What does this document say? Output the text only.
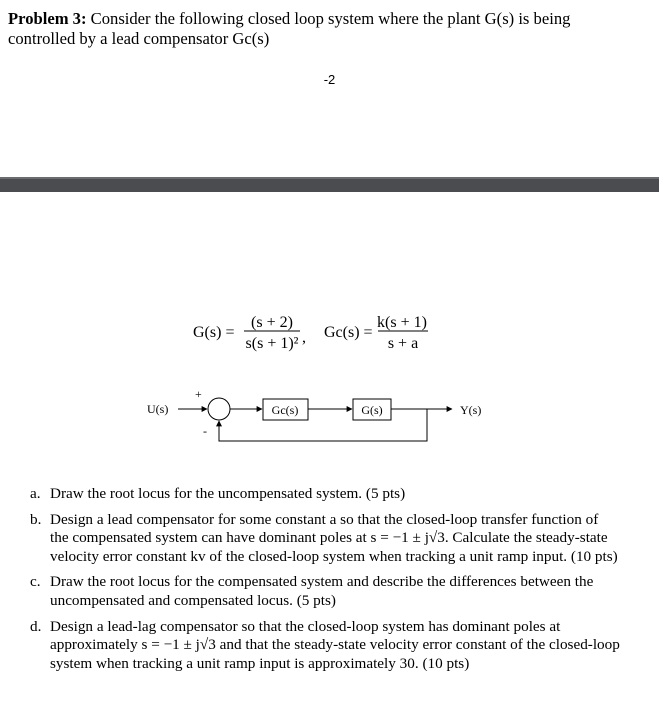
Problem 3: Consider the following closed loop system where the plant G(s) is being controlled by a lead compensator Gc(s)
-2
G(s) =
(s + 2)
s(s + 1)² , Gc(s) =
k(s + 1)
s + a
U(s)
+
-
Y(s)
Gc(s)	G(s)
a. Draw the root locus for the uncompensated system. (5 pts)
b. Design a lead compensator for some constant a so that the closed-loop transfer function of the compensated system can have dominant poles at s = −1 ± j√3. Calculate the steady-state velocity error constant kv of the closed-loop system when tracking a unit ramp input. (10 pts)
c. Draw the root locus for the compensated system and describe the differences between the uncompensated and compensated locus. (5 pts)
d. Design a lead-lag compensator so that the closed-loop system has dominant poles at approximately s = −1 ± j√3 and that the steady-state velocity error constant of the closed-loop system when tracking a unit ramp input is approximately 30. (10 pts)
